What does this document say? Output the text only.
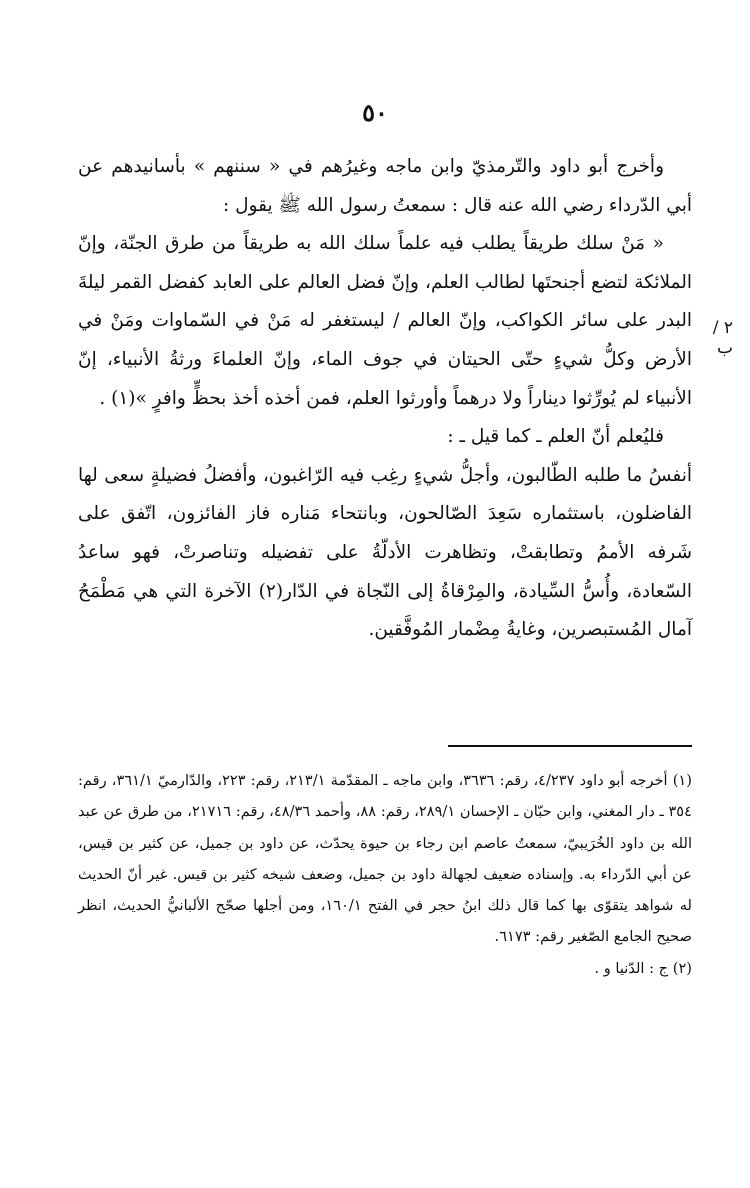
٥٠
٢ / ب

وأخرج أبو داود والتّرمذيّ وابن ماجه وغيرُهم في « سننهم » بأسانيدهم عن أبي الدّرداء رضي الله عنه قال : سمعتُ رسول الله ﷺ يقول :

« مَنْ سلك طريقاً يطلب فيه علماً سلك الله به طريقاً من طرق الجنّة، وإنّ الملائكة لتضع أجنحتَها لطالب العلم، وإنّ فضل العالم على العابد كفضل القمر ليلةَ البدر على سائر الكواكب، وإنّ العالم / ليستغفر له مَنْ في السّماوات ومَنْ في الأرض وكلُّ شيءٍ حتّى الحيتان في جوف الماء، وإنّ العلماءَ ورثةُ الأنبياء، إنّ الأنبياء لم يُورِّثوا ديناراً ولا درهماً وأورثوا العلم، فمن أخذه أخذ بحظٍّ وافرٍ »(١) .

فليُعلم أنّ العلم ـ كما قيل ـ :

أنفسُ ما طلبه الطّالبون، وأجلُّ شيءٍ رغِب فيه الرّاغبون، وأفضلُ فضيلةٍ سعى لها الفاضلون، باستثماره سَعِدَ الصّالحون، وبانتحاء مَناره فاز الفائزون، اتّفق على شَرفه الأممُ وتطابقتْ، وتظاهرت الأدلّةُ على تفضيله وتناصرتْ، فهو ساعدُ السّعادة، وأُسُّ السِّيادة، والمِرْقاةُ إلى النّجاة في الدّار(٢) الآخرة التي هي مَطْمَحُ آمال المُستبصرين، وغايةُ مِضْمار المُوفَّقين.

(١) أخرجه أبو داود ٤/٢٣٧، رقم: ٣٦٣٦، وابن ماجه ـ المقدّمة ٢١٣/١، رقم: ٢٢٣، والدّارميّ ٣٦١/١، رقم: ٣٥٤ ـ دار المغني، وابن حبّان ـ الإحسان ٢٨٩/١، رقم: ٨٨، وأحمد ٤٨/٣٦، رقم: ٢١٧١٦، من طرق عن عبد الله بن داود الخُرَيبيّ، سمعتُ عاصم ابن رجاء بن حيوة يحدّث، عن داود بن جميل، عن كثير بن قيس، عن أبي الدّرداء به. وإسناده ضعيف لجهالة داود بن جميل، وضعف شيخه كثير بن قيس. غير أنّ الحديث له شواهد يتقوّى بها كما قال ذلك ابنُ حجر في الفتح ١٦٠/١، ومن أجلها صحّح الألبانيُّ الحديث، انظر صحيح الجامع الصّغير رقم: ٦١٧٣.

(٢) ج : الدّنيا و .
